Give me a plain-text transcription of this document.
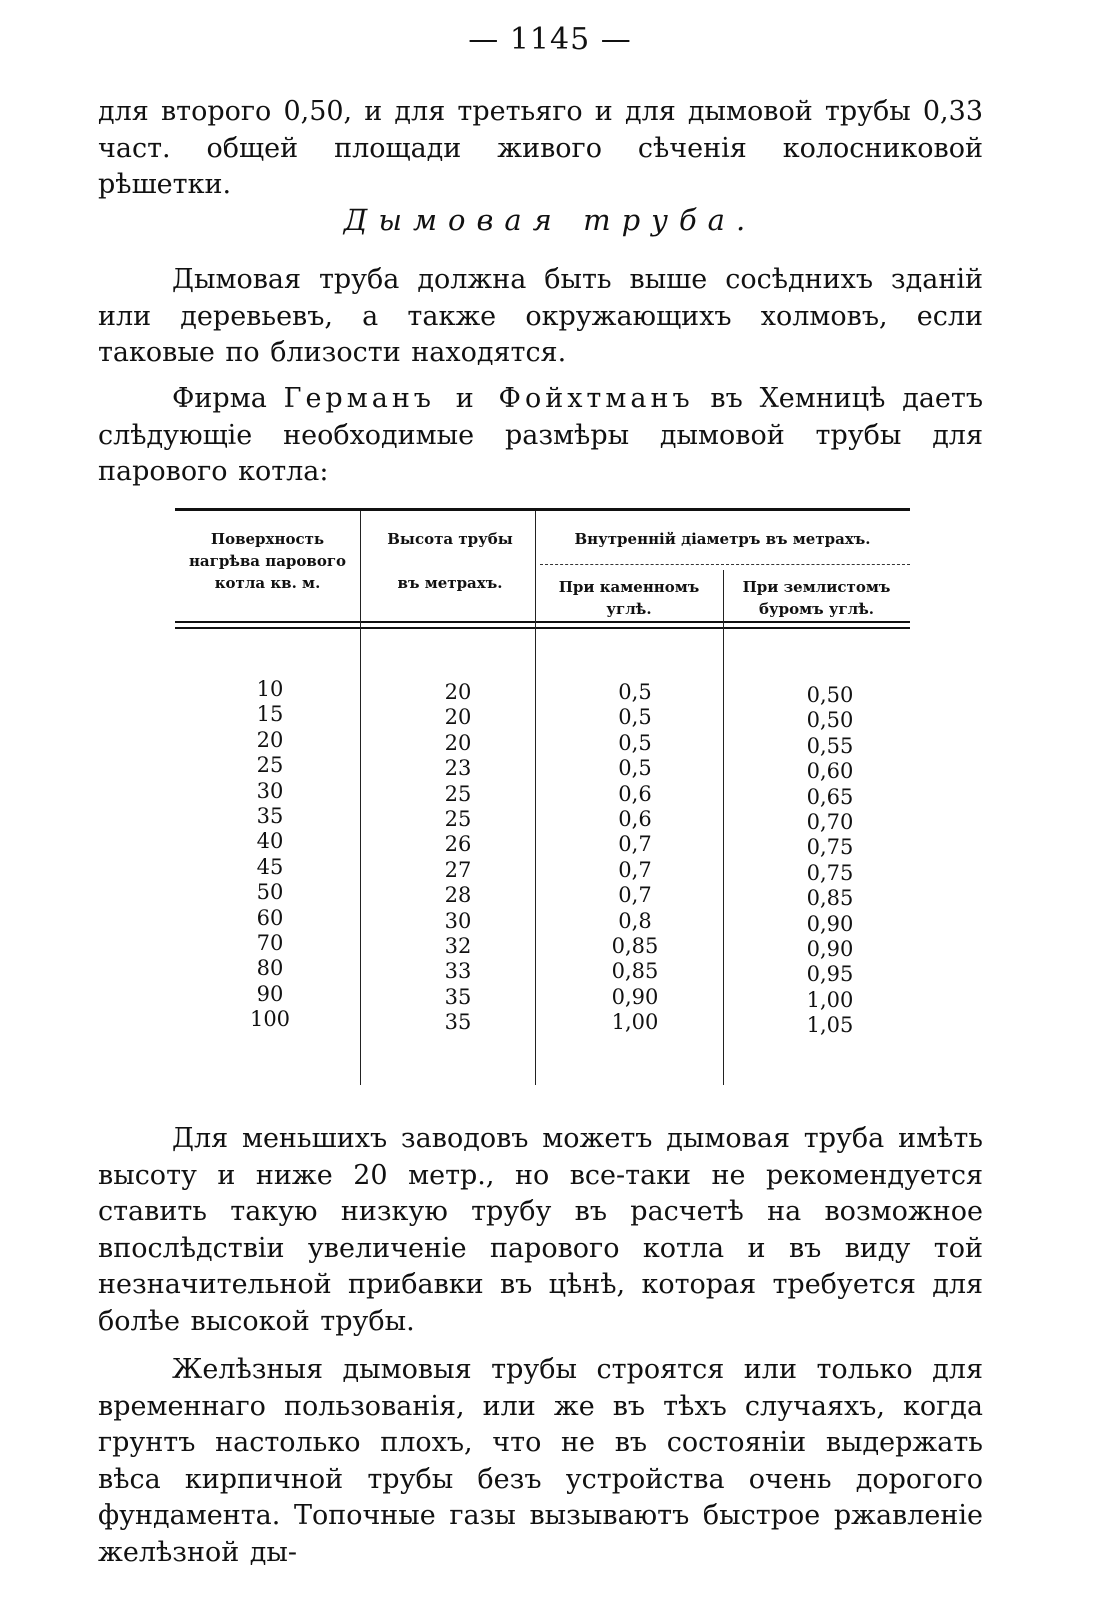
— 1145 —

для второго 0,50, и для третьяго и для дымовой трубы 0,33 част. общей площади живого сѣченія колосниковой рѣшетки.

Дымовая труба.

Дымовая труба должна быть выше сосѣднихъ зданій или деревьевъ, а также окружающихъ холмовъ, если таковые по близости находятся.

Фирма Германъ и Фойхтманъ въ Хемницѣ даетъ слѣдующіе необходимые размѣры дымовой трубы для парового котла:

Поверхность нагрѣва парового котла кв. м.
Высота трубы
въ метрахъ.
Внутренній діаметръ въ метрахъ.
При каменномъ углѣ.
При землистомъ буромъ углѣ.
10
15
20
25
30
35
40
45
50
60
70
80
90
100
20
20
20
23
25
25
26
27
28
30
32
33
35
35
0,5
0,5
0,5
0,5
0,6
0,6
0,7
0,7
0,7
0,8
0,85
0,85
0,90
1,00
0,50
0,50
0,55
0,60
0,65
0,70
0,75
0,75
0,85
0,90
0,90
0,95
1,00
1,05

Для меньшихъ заводовъ можетъ дымовая труба имѣть высоту и ниже 20 метр., но все-таки не рекомендуется ставить такую низкую трубу въ расчетѣ на возможное впослѣдствіи увеличеніе парового котла и въ виду той незначительной прибавки въ цѣнѣ, которая требуется для болѣе высокой трубы.

Желѣзныя дымовыя трубы строятся или только для временнаго пользованія, или же въ тѣхъ случаяхъ, когда грунтъ настолько плохъ, что не въ состояніи выдержать вѣса кирпичной трубы безъ устройства очень дорогого фундамента. Топочные газы вызываютъ быстрое ржавленіе желѣзной ды-
